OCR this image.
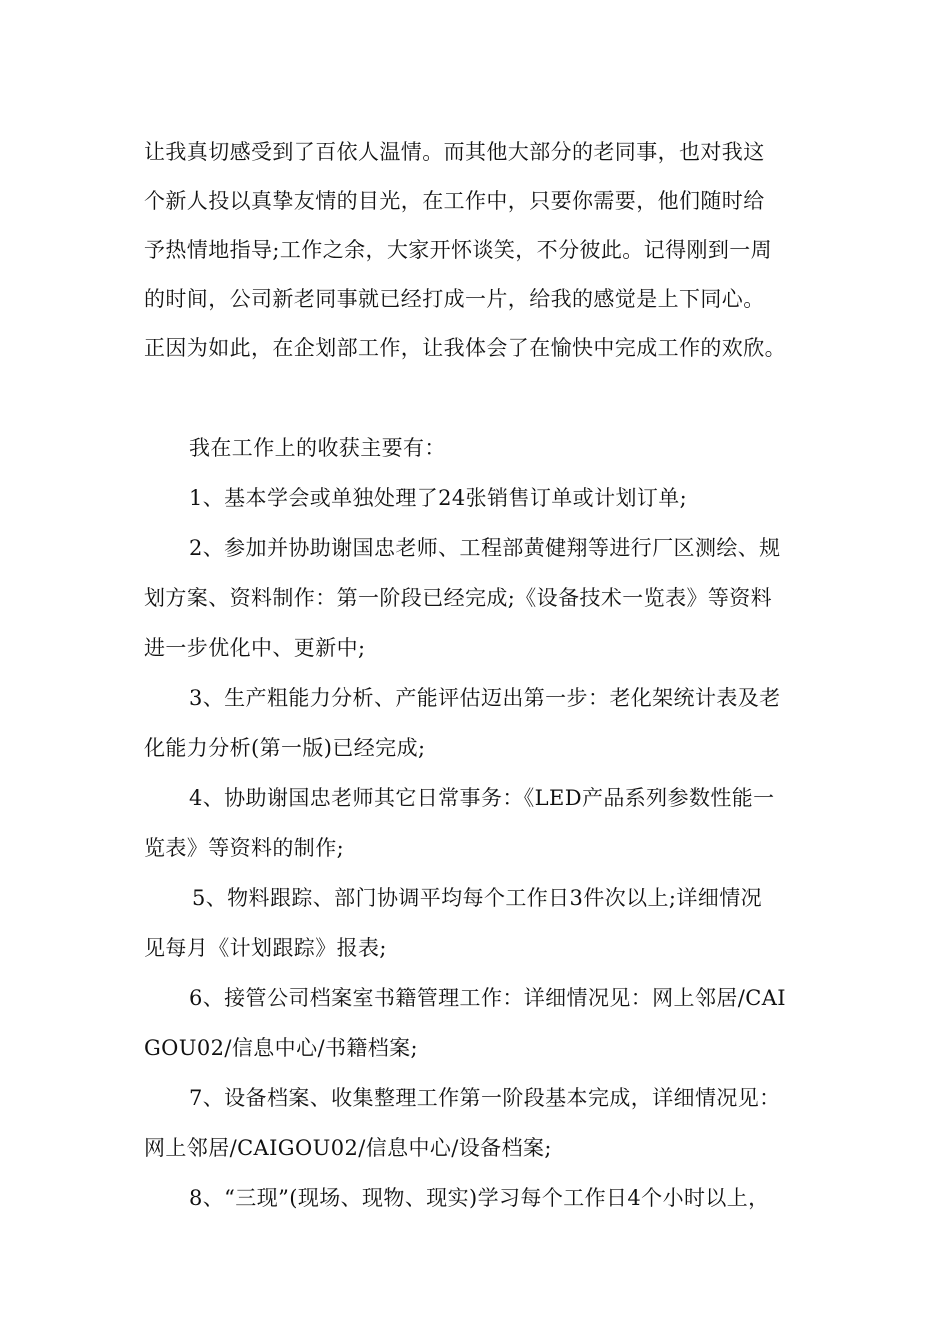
让我真切感受到了百依人温情。而其他大部分的老同事，也对我这
个新人投以真挚友情的目光，在工作中，只要你需要，他们随时给
予热情地指导;工作之余，大家开怀谈笑，不分彼此。记得刚到一周
的时间，公司新老同事就已经打成一片，给我的感觉是上下同心。
正因为如此，在企划部工作，让我体会了在愉快中完成工作的欢欣。
我在工作上的收获主要有：
1、基本学会或单独处理了24张销售订单或计划订单;
2、参加并协助谢国忠老师、工程部黄健翔等进行厂区测绘、规
划方案、资料制作：第一阶段已经完成;《设备技术一览表》等资料
进一步优化中、更新中;
3、生产粗能力分析、产能评估迈出第一步：老化架统计表及老
化能力分析(第一版)已经完成;
4、协助谢国忠老师其它日常事务：《LED产品系列参数性能一
览表》等资料的制作;
5、物料跟踪、部门协调平均每个工作日3件次以上;详细情况
见每月《计划跟踪》报表;
6、接管公司档案室书籍管理工作：详细情况见：网上邻居/CAI
GOU02/信息中心/书籍档案;
7、设备档案、收集整理工作第一阶段基本完成，详细情况见：
网上邻居/CAIGOU02/信息中心/设备档案;
8、“三现”(现场、现物、现实)学习每个工作日4个小时以上，
